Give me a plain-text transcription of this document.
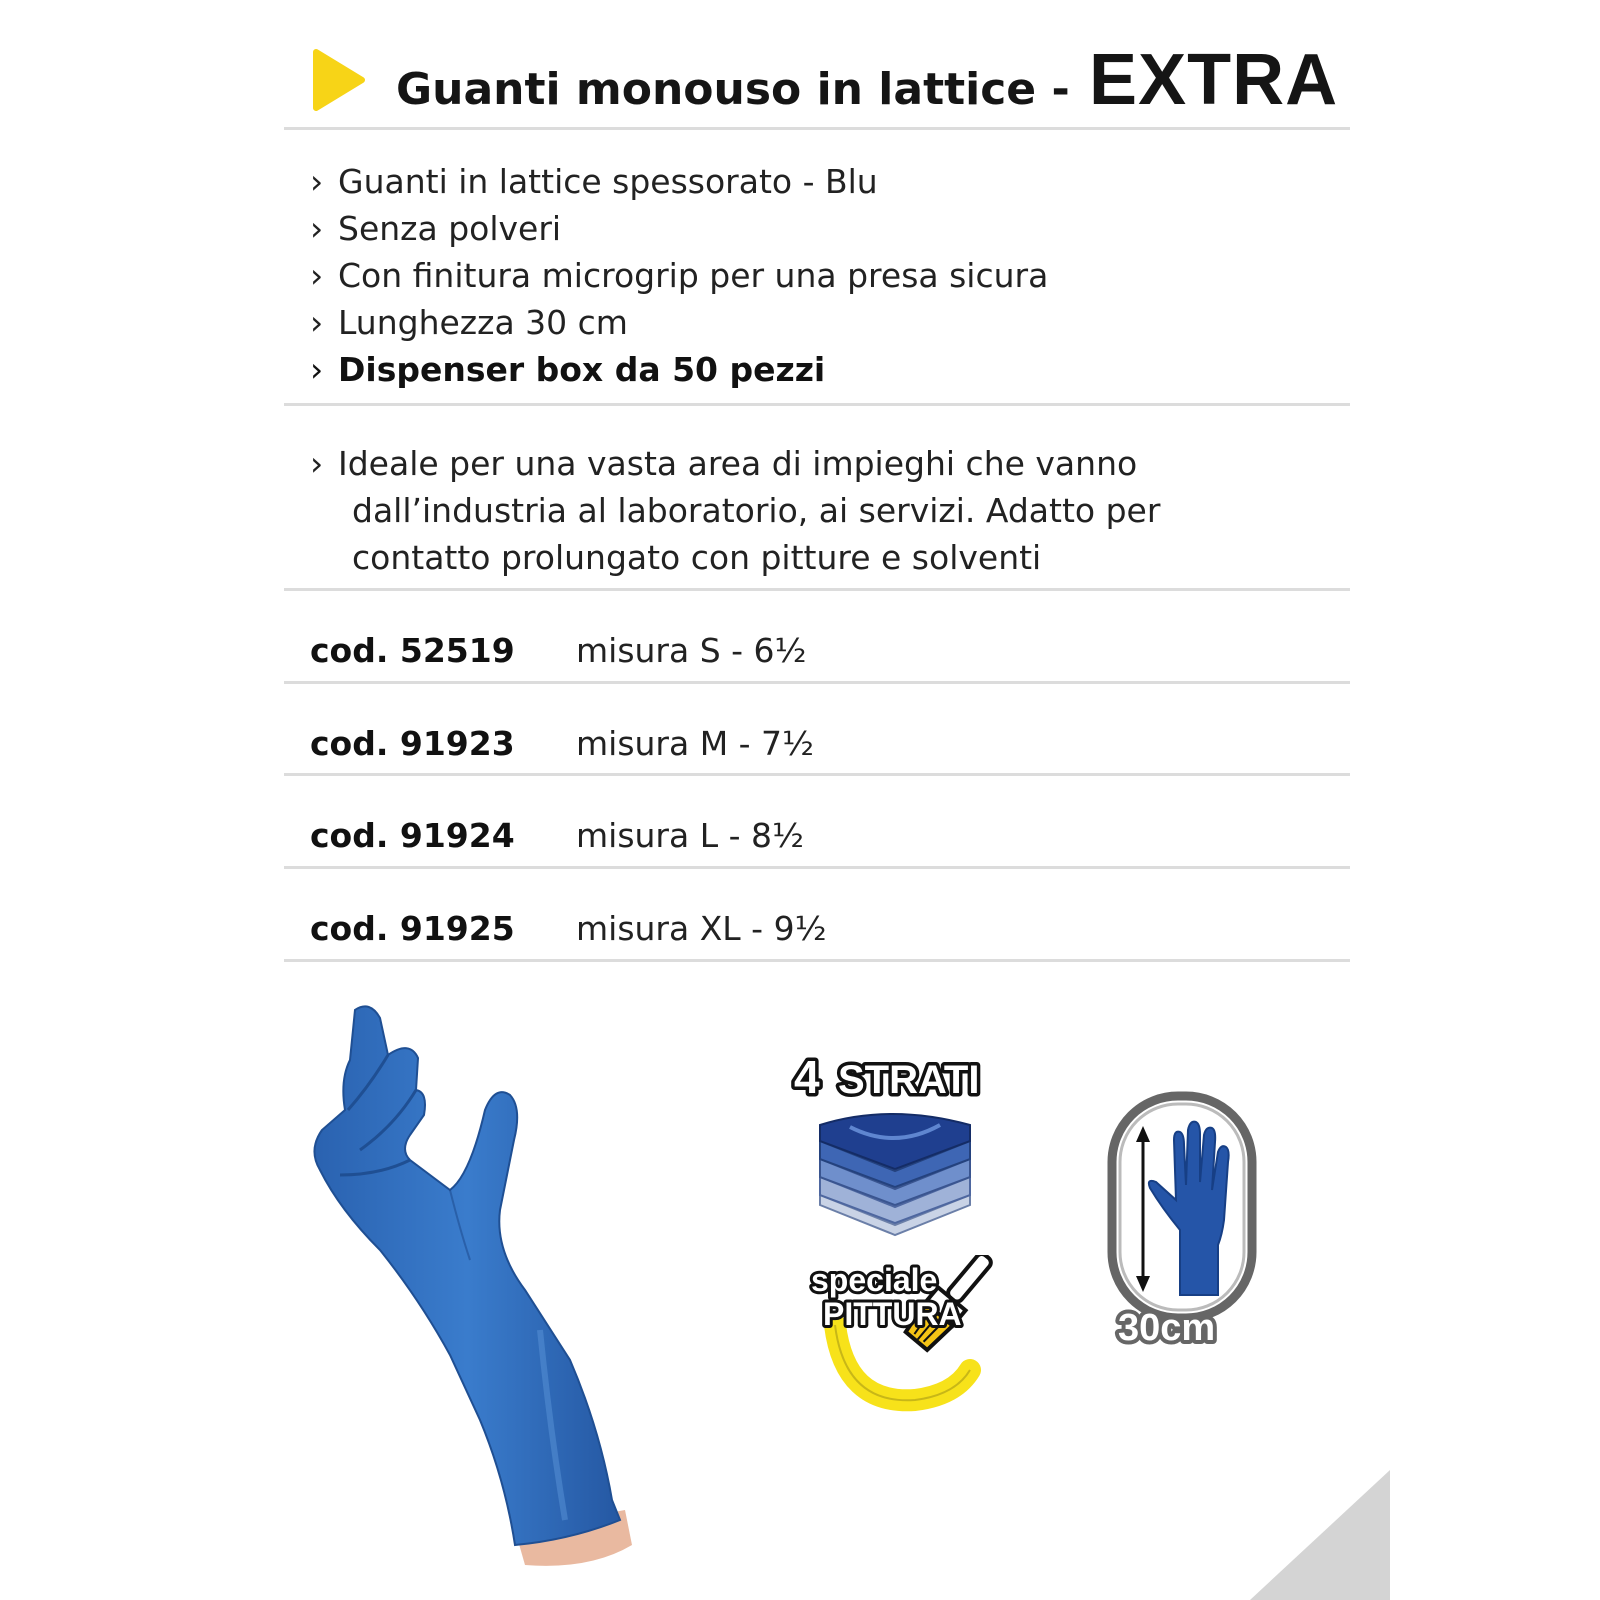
Guanti monouso in lattice - EXTRA
› Guanti in lattice spessorato - Blu
› Senza polveri
› Con finitura microgrip per una presa sicura
› Lunghezza 30 cm
› Dispenser box da 50 pezzi
› Ideale per una vasta area di impieghi che vanno
dall’industria al laboratorio, ai servizi. Adatto per
contatto prolungato con pitture e solventi
cod. 52519	misura S - 6½
cod. 91923	misura M - 7½
cod. 91924	misura L - 8½
cod. 91925	misura XL - 9½
4 STRATI
speciale
PITTURA	30cm
